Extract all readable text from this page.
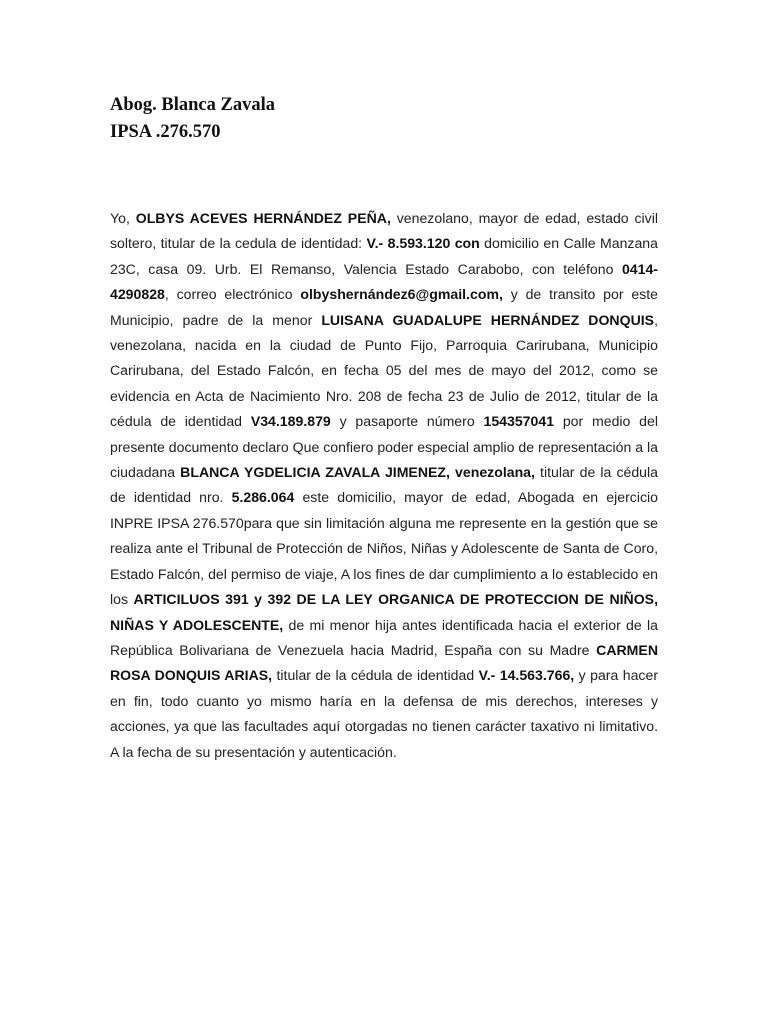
Abog. Blanca Zavala
IPSA .276.570

Yo, OLBYS ACEVES HERNÁNDEZ PEÑA, venezolano, mayor de edad, estado civil soltero, titular de la cedula de identidad: V.- 8.593.120 con domicilio en Calle Manzana 23C, casa 09. Urb. El Remanso, Valencia Estado Carabobo, con teléfono 0414-4290828, correo electrónico olbyshernández6@gmail.com, y de transito por este Municipio, padre de la menor LUISANA GUADALUPE HERNÁNDEZ DONQUIS, venezolana, nacida en la ciudad de Punto Fijo, Parroquia Carirubana, Municipio Carirubana, del Estado Falcón, en fecha 05 del mes de mayo del 2012, como se evidencia en Acta de Nacimiento Nro. 208 de fecha 23 de Julio de 2012, titular de la cédula de identidad V34.189.879 y pasaporte número 154357041 por medio del presente documento declaro Que confiero poder especial amplio de representación a la ciudadana BLANCA YGDELICIA ZAVALA JIMENEZ, venezolana, titular de la cédula de identidad nro. 5.286.064 este domicilio, mayor de edad, Abogada en ejercicio INPRE IPSA 276.570para que sin limitación alguna me represente en la gestión que se realiza ante el Tribunal de Protección de Niños, Niñas y Adolescente de Santa de Coro, Estado Falcón, del permiso de viaje, A los fines de dar cumplimiento a lo establecido en los ARTICILUOS 391 y 392 DE LA LEY ORGANICA DE PROTECCION DE NIÑOS, NIÑAS Y ADOLESCENTE, de mi menor hija antes identificada hacia el exterior de la República Bolivariana de Venezuela hacia Madrid, España con su Madre CARMEN ROSA DONQUIS ARIAS, titular de la cédula de identidad V.- 14.563.766, y para hacer en fin, todo cuanto yo mismo haría en la defensa de mis derechos, intereses y acciones, ya que las facultades aquí otorgadas no tienen carácter taxativo ni limitativo. A la fecha de su presentación y autenticación.
